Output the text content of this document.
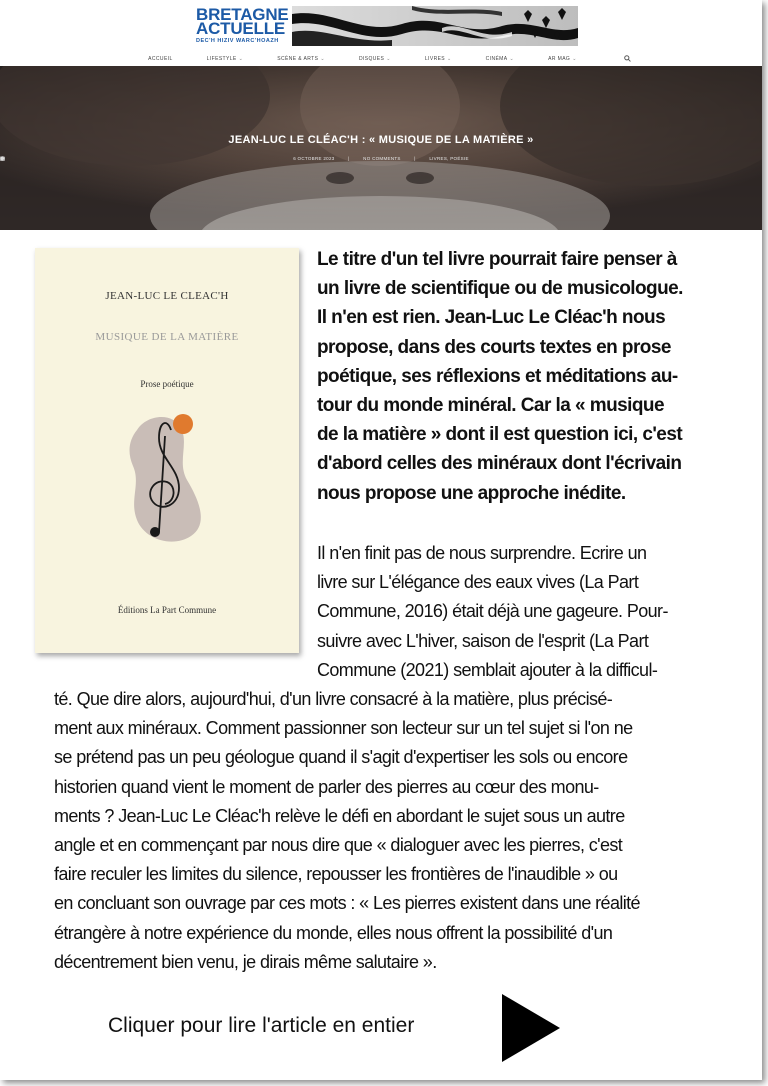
BRETAGNE
ACTUELLE
DEC'H HIZIV WARC'HOAZH
ACCUEIL	LIFESTYLE ⌄	SCÈNE & ARTS ⌄	DISQUES ⌄	LIVRES ⌄	CINÉMA ⌄	AR MAG ⌄
JEAN-LUC LE CLÉAC'H : « MUSIQUE DE LA MATIÈRE »
6 OCTOBRE 2023	|	NO COMMENTS	|	LIVRES, POÉSIE
JEAN-LUC LE CLEAC'H
MUSIQUE DE LA MATIÈRE
Prose poétique
Éditions La Part Commune
Le titre d'un tel livre pourrait faire penser à
un livre de scientifique ou de musicologue.
Il n'en est rien. Jean-Luc Le Cléac'h nous
propose, dans des courts textes en prose
poétique, ses réflexions et méditations au-
tour du monde minéral. Car la « musique
de la matière » dont il est question ici, c'est
d'abord celles des minéraux dont l'écrivain
nous propose une approche inédite.
Il n'en finit pas de nous surprendre. Ecrire un
livre sur L'élégance des eaux vives (La Part
Commune, 2016) était déjà une gageure. Pour-
suivre avec L'hiver, saison de l'esprit (La Part
Commune (2021) semblait ajouter à la difficul-
té. Que dire alors, aujourd'hui, d'un livre consacré à la matière, plus précisé-
ment aux minéraux. Comment passionner son lecteur sur un tel sujet si l'on ne
se prétend pas un peu géologue quand il s'agit d'expertiser les sols ou encore
historien quand vient le moment de parler des pierres au cœur des monu-
ments ? Jean-Luc Le Cléac'h relève le défi en abordant le sujet sous un autre
angle et en commençant par nous dire que « dialoguer avec les pierres, c'est
faire reculer les limites du silence, repousser les frontières de l'inaudible » ou
en concluant son ouvrage par ces mots : « Les pierres existent dans une réalité
étrangère à notre expérience du monde, elles nous offrent la possibilité d'un
décentrement bien venu, je dirais même salutaire ».
Cliquer pour lire l'article en entier
